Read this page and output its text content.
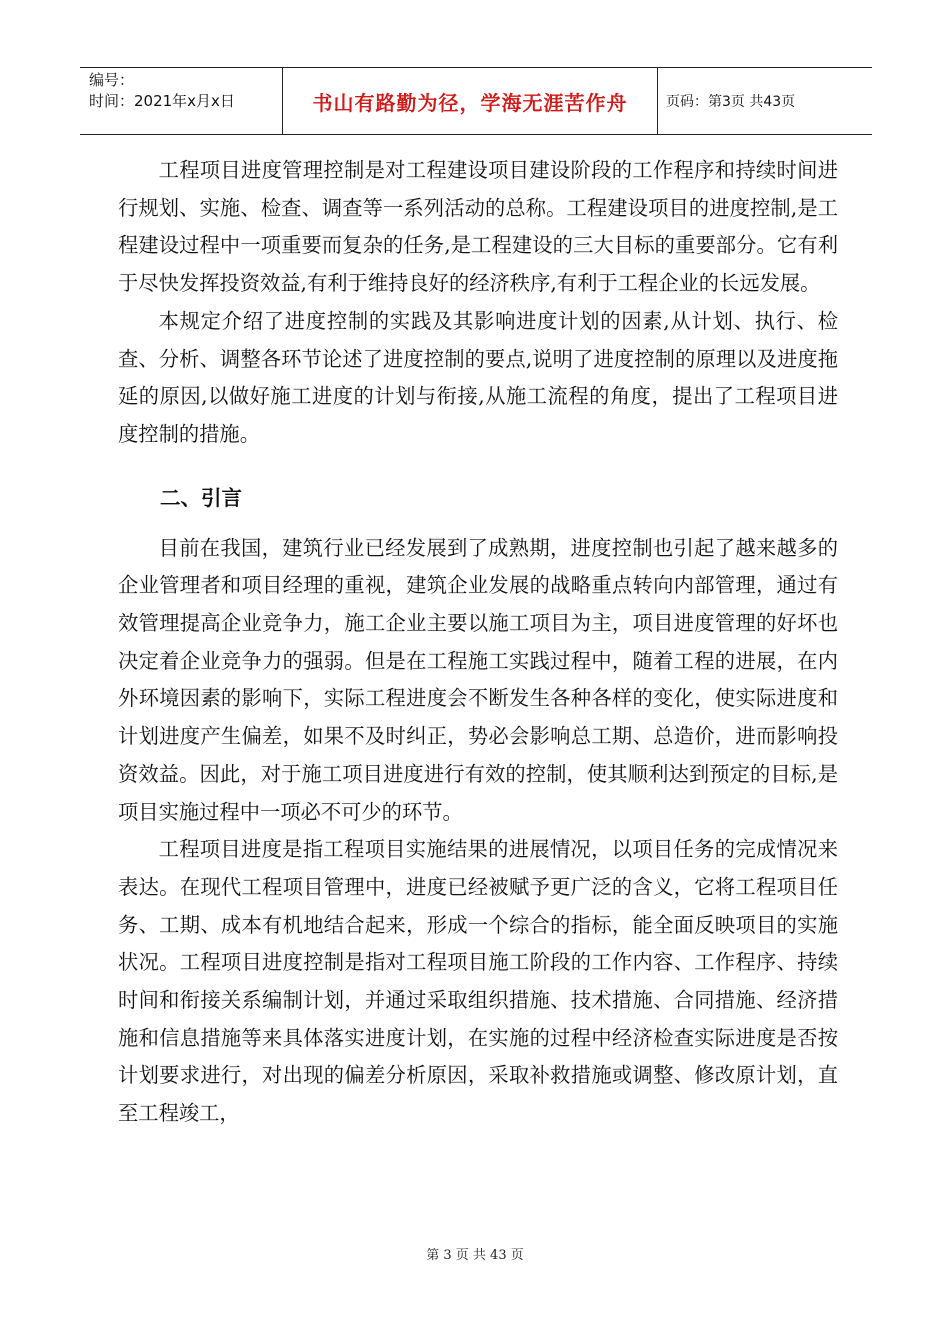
编号：
时间：2021年x月x日	书山有路勤为径，学海无涯苦作舟	页码：第3页 共43页

工程项目进度管理控制是对工程建设项目建设阶段的工作程序和持续时间进行规划、实施、检查、调查等一系列活动的总称。工程建设项目的进度控制,是工程建设过程中一项重要而复杂的任务,是工程建设的三大目标的重要部分。它有利于尽快发挥投资效益,有利于维持良好的经济秩序,有利于工程企业的长远发展。

本规定介绍了进度控制的实践及其影响进度计划的因素,从计划、执行、检查、分析、调整各环节论述了进度控制的要点,说明了进度控制的原理以及进度拖延的原因,以做好施工进度的计划与衔接,从施工流程的角度，提出了工程项目进度控制的措施。

二、引言

目前在我国，建筑行业已经发展到了成熟期，进度控制也引起了越来越多的企业管理者和项目经理的重视，建筑企业发展的战略重点转向内部管理，通过有效管理提高企业竞争力，施工企业主要以施工项目为主，项目进度管理的好坏也决定着企业竞争力的强弱。但是在工程施工实践过程中，随着工程的进展，在内外环境因素的影响下，实际工程进度会不断发生各种各样的变化，使实际进度和计划进度产生偏差，如果不及时纠正，势必会影响总工期、总造价，进而影响投资效益。因此，对于施工项目进度进行有效的控制，使其顺利达到预定的目标,是项目实施过程中一项必不可少的环节。

工程项目进度是指工程项目实施结果的进展情况，以项目任务的完成情况来表达。在现代工程项目管理中，进度已经被赋予更广泛的含义，它将工程项目任务、工期、成本有机地结合起来，形成一个综合的指标，能全面反映项目的实施状况。工程项目进度控制是指对工程项目施工阶段的工作内容、工作程序、持续时间和衔接关系编制计划，并通过采取组织措施、技术措施、合同措施、经济措施和信息措施等来具体落实进度计划，在实施的过程中经济检查实际进度是否按计划要求进行，对出现的偏差分析原因，采取补救措施或调整、修改原计划，直至工程竣工，

第 3 页 共 43 页
